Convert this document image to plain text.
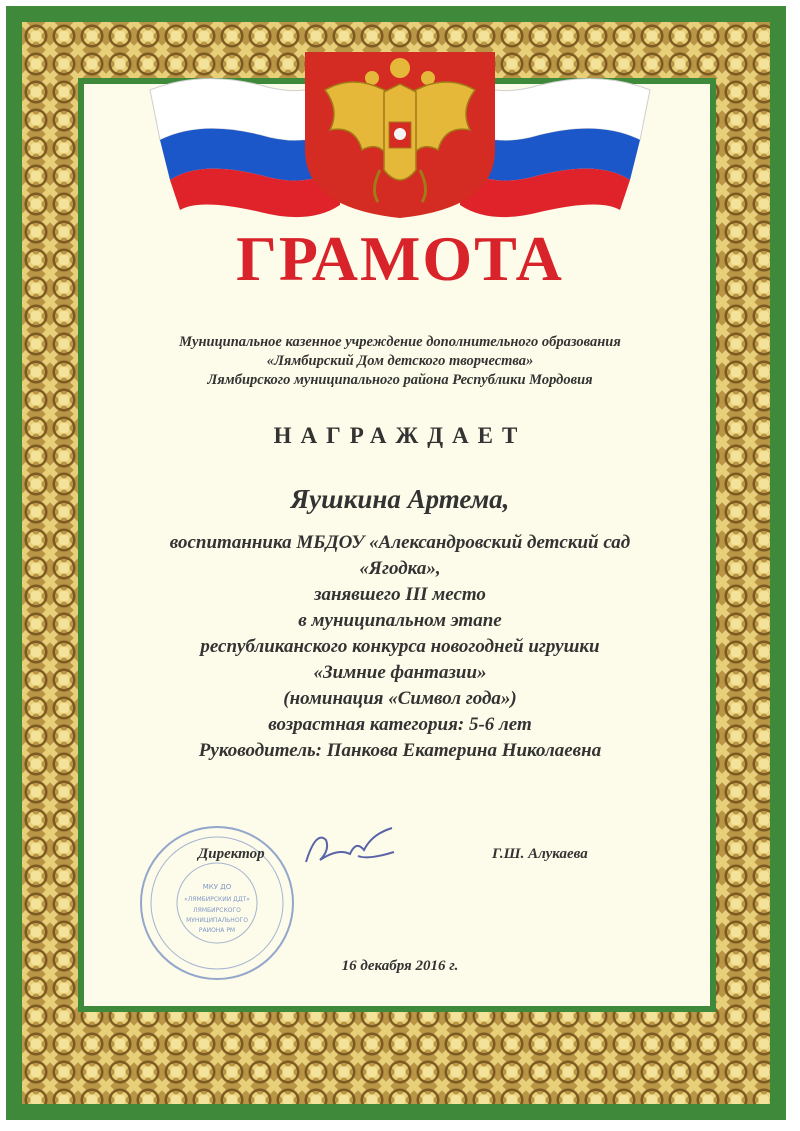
ГРАМОТА
Муниципальное казенное учреждение дополнительного образования
«Лямбирский Дом детского творчества»
Лямбирского муниципального района Республики Мордовия
НАГРАЖДАЕТ
Яушкина Артема,
воспитанника МБДОУ «Александровский детский сад
«Ягодка»,
занявшего III место
в муниципальном этапе
республиканского конкурса новогодней игрушки
«Зимние фантазии»
(номинация «Символ года»)
возрастная категория: 5-6 лет
Руководитель: Панкова Екатерина Николаевна
МКУ ДО
«ЛЯМБИРСКИЙ ДДТ»
ЛЯМБИРСКОГО
МУНИЦИПАЛЬНОГО
РАЙОНА РМ
Директор	Г.Ш. Алукаева
16 декабря 2016 г.
